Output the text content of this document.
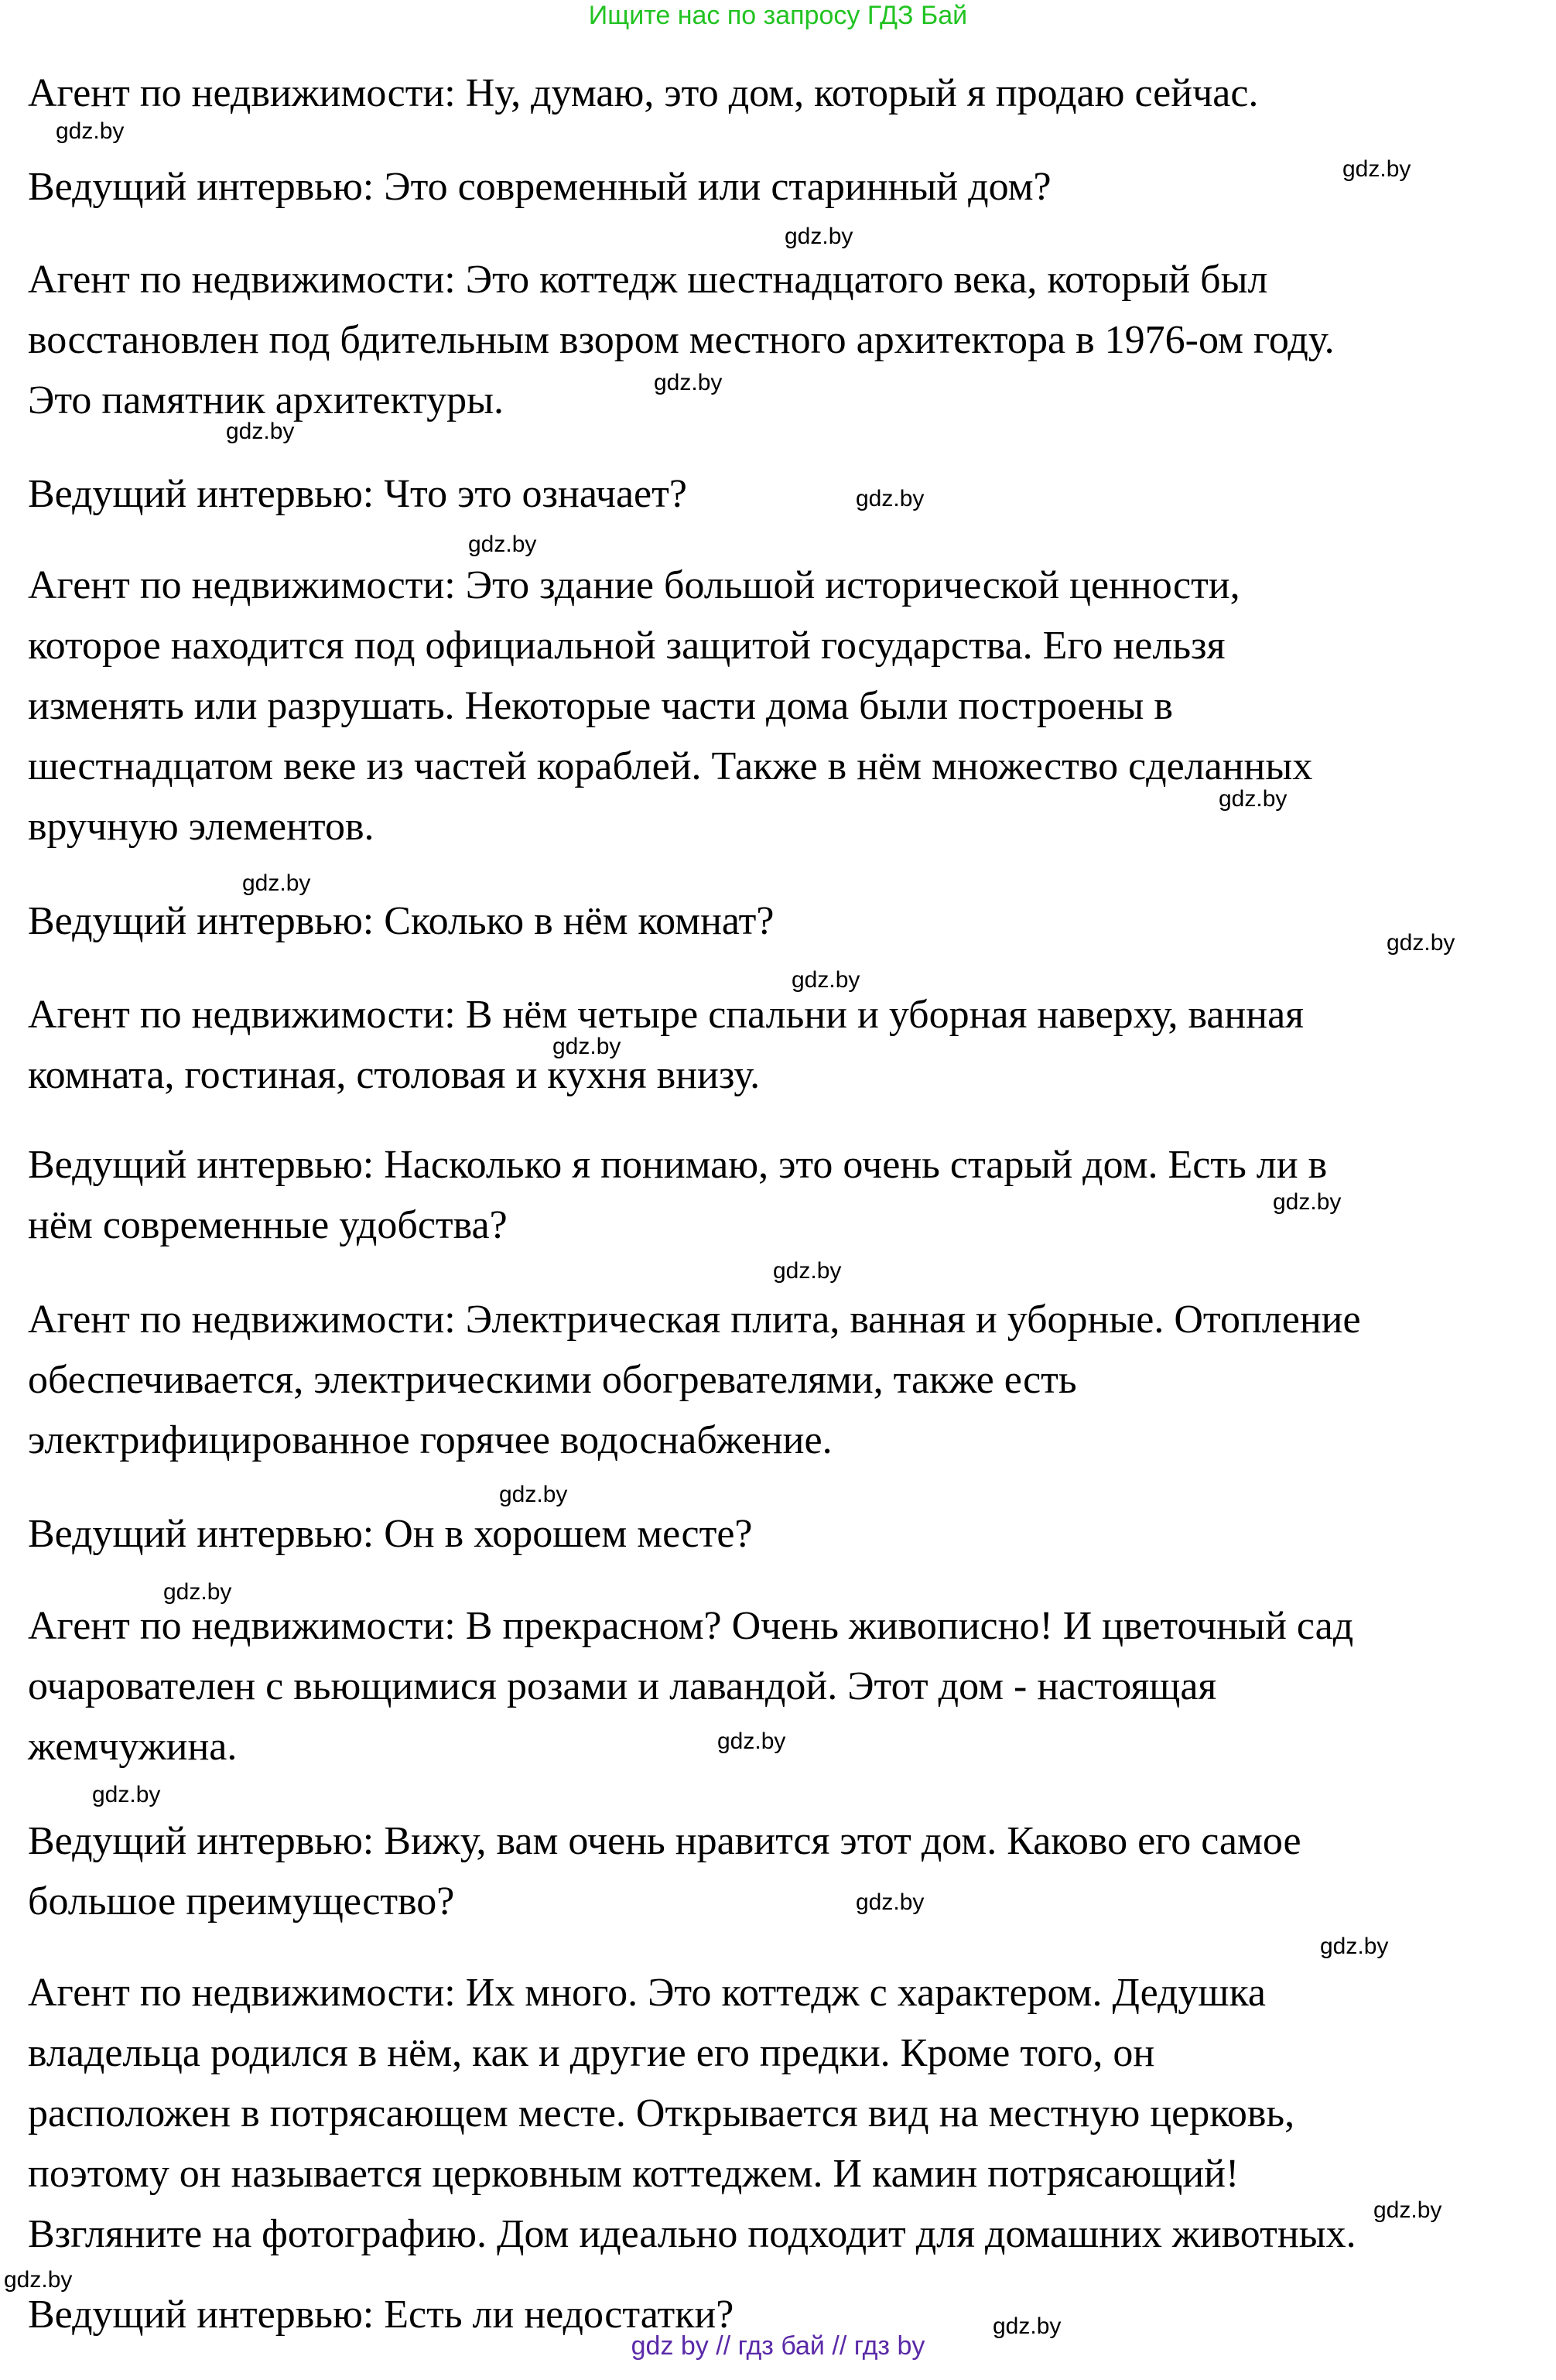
Ищите нас по запросу ГДЗ Бай

Агент по недвижимости: Ну, думаю, это дом, который я продаю сейчас.

Ведущий интервью: Это современный или старинный дом?

Агент по недвижимости: Это коттедж шестнадцатого века, который был
восстановлен под бдительным взором местного архитектора в 1976-ом году.
Это памятник архитектуры.

Ведущий интервью: Что это означает?

Агент по недвижимости: Это здание большой исторической ценности,
которое находится под официальной защитой государства. Его нельзя
изменять или разрушать. Некоторые части дома были построены в
шестнадцатом веке из частей кораблей. Также в нём множество сделанных
вручную элементов.

Ведущий интервью: Сколько в нём комнат?

Агент по недвижимости: В нём четыре спальни и уборная наверху, ванная
комната, гостиная, столовая и кухня внизу.

Ведущий интервью: Насколько я понимаю, это очень старый дом. Есть ли в
нём современные удобства?

Агент по недвижимости: Электрическая плита, ванная и уборные. Отопление
обеспечивается, электрическими обогревателями, также есть
электрифицированное горячее водоснабжение.

Ведущий интервью: Он в хорошем месте?

Агент по недвижимости: В прекрасном? Очень живописно! И цветочный сад
очарователен с вьющимися розами и лавандой. Этот дом - настоящая
жемчужина.

Ведущий интервью: Вижу, вам очень нравится этот дом. Каково его самое
большое преимущество?

Агент по недвижимости: Их много. Это коттедж с характером. Дедушка
владельца родился в нём, как и другие его предки. Кроме того, он
расположен в потрясающем месте. Открывается вид на местную церковь,
поэтому он называется церковным коттеджем. И камин потрясающий!
Взгляните на фотографию. Дом идеально подходит для домашних животных.

Ведущий интервью: Есть ли недостатки?

gdz.by
gdz.by
gdz.by
gdz.by
gdz.by
gdz.by
gdz.by
gdz.by
gdz.by
gdz.by
gdz.by
gdz.by
gdz.by
gdz.by
gdz.by
gdz.by
gdz.by
gdz.by
gdz.by
gdz.by
gdz.by
gdz.by
gdz.by
gdz by // гдз бай // гдз by
